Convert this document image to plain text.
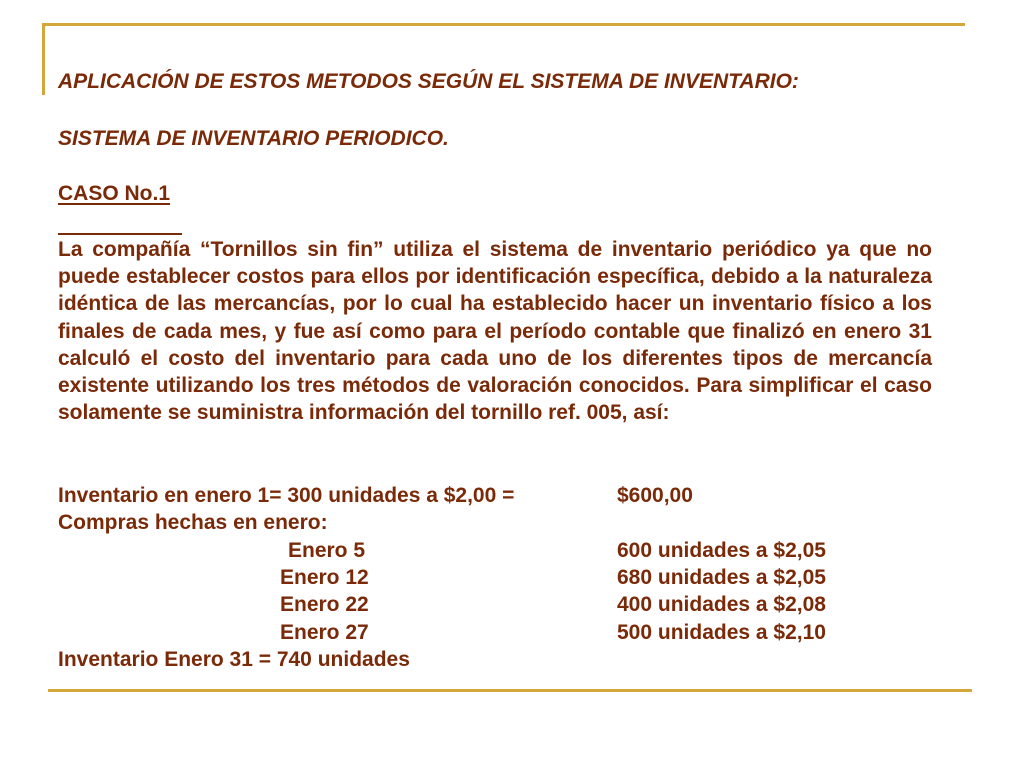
APLICACIÓN DE ESTOS METODOS SEGÚN EL SISTEMA DE INVENTARIO:
SISTEMA DE INVENTARIO PERIODICO.
CASO No.1
La compañía “Tornillos sin fin” utiliza el sistema de inventario periódico ya que no puede establecer costos para ellos por identificación específica, debido a la naturaleza idéntica de las mercancías, por lo cual ha establecido hacer un inventario físico a los finales de cada mes, y fue así como para el período contable que finalizó en enero 31 calculó el costo del inventario para cada uno de los diferentes tipos de mercancía existente utilizando los tres métodos de valoración conocidos. Para simplificar el caso solamente se suministra información del tornillo ref. 005, así:
Inventario en enero 1= 300 unidades a $2,00 =	$600,00
Compras hechas en enero:
Enero 5	600 unidades a $2,05
Enero 12	680 unidades a $2,05
Enero 22	400 unidades a $2,08
Enero 27	500 unidades a $2,10
Inventario Enero 31 = 740 unidades
